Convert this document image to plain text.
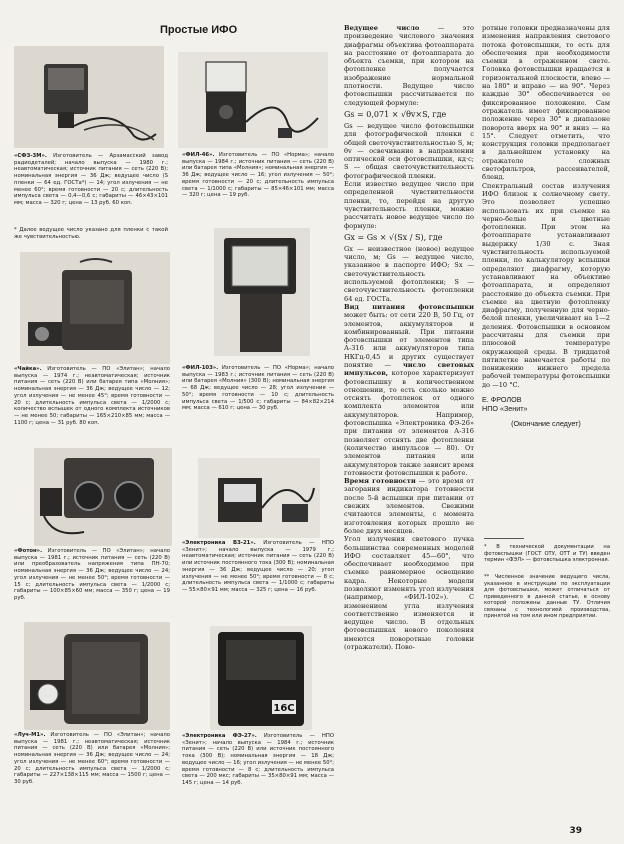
Простые ИФО
«СФЗ-3М». Изготовитель — Арзамасский завод радиодеталей; начало выпуска — 1980 г.; неавтоматическая; источник питания — сеть (220 В); номинальная энергия — 36 Дж; ведущее число (S пленки — 64 ед. ГОСТа*) — 14; угол излучения — не менее 60°; время готовности — 20 с; длительность импульса света — 0,4—0,6 с; габариты — 46×43×101 мм; масса — 320 г; цена — 13 руб. 60 коп.
* Далее ведущее число указано для пленки с такой же чувствительностью.
«ФИЛ-46». Изготовитель — ПО «Норма»; начало выпуска — 1984 г.; источник питания — сеть (220 В) или батарея типа «Молния»; номинальная энергия — 36 Дж; ведущее число — 16; угол излучения — 50°; время готовности — 20 с; длительность импульса света — 1/1000 с; габариты — 85×46×101 мм; масса — 320 г; цена — 19 руб.
«Чайка». Изготовитель — ПО «Элитан»; начало выпуска — 1974 г.; неавтоматическая; источник питания — сеть (220 В) или батарея типа «Молния»; номинальная энергия — 36 Дж; ведущее число — 12; угол излучения — не менее 45°; время готовности — 20 с; длительность импульса света — 1/2000 с; количество вспышек от одного комплекта источников — не менее 50; габариты — 165×210×85 мм; масса — 1100 г; цена — 31 руб. 80 коп.
«ФИЛ-103». Изготовитель — ПО «Норма»; начало выпуска — 1983 г.; источник питания — сеть (220 В) или батарея «Молния» (300 В); номинальная энергия — 68 Дж; ведущее число — 28; угол излучения — 50°; время готовности — 10 с; длительность импульса света — 1/500 с; габариты — 84×82×214 мм; масса — 610 г; цена — 30 руб.
«Фотон». Изготовитель — ПО «Элитан»; начало выпуска — 1981 г.; источник питания — сеть (220 В) или преобразователь напряжения типа ПН-70; номинальная энергия — 36 Дж; ведущее число — 24; угол излучения — не менее 50°; время готовности — 15 с; длительность импульса света — 1/2000 с; габариты — 100×85×60 мм; масса — 350 г; цена — 19 руб.
«Электроника ВЗ-21». Изготовитель — НПО «Зенит»; начало выпуска — 1979 г.; неавтоматическая; источник питания — сеть (220 В) или источник постоянного тока (300 В); номинальная энергия — 36 Дж; ведущее число — 20; угол излучения — не менее 50°; время готовности — 8 с; длительность импульса света — 1/1000 с; габариты — 55×80×91 мм; масса — 325 г; цена — 16 руб.
«Луч-М1». Изготовитель — ПО «Элитан»; начало выпуска — 1981 г.; неавтоматическая; источник питания — сеть (220 В) или батарея «Молния»; номинальная энергия — 36 Дж; ведущее число — 24; угол излучения — не менее 60°; время готовности — 20 с; длительность импульса света — 1/2000 с; габариты — 227×138×115 мм; масса — 1500 г; цена — 30 руб.
16C
«Электроника ФЭ-27». Изготовитель — НПО «Зенит»; начало выпуска — 1984 г.; источник питания — сеть (220 В) или источник постоянного тока (300 В); номинальная энергия — 18 Дж; ведущее число — 16; угол излучения — не менее 50°; время готовности — 8 с; длительность импульса света — 200 мкс; габариты — 35×80×91 мм; масса — 145 г; цена — 14 руб.

Ведущее число — это произведение числового значения диафрагмы объектива фотоаппарата на расстояние от фотоаппарата до объекта съемки, при котором на фотопленке получается изображение нормальной плотности. Ведущее число фотовспышки рассчитывается по следующей формуле:

Gs = 0,071 × √θv×S, где

Gs — ведущее число фотовспышки для фотографической пленки с общей светочувствительностью S, м; θv — освечивание в направлении оптической оси фотовспышки, кд·с; S — общая светочувствительность фотографической пленки.

Если известно ведущее число при определенной чувствительности пленки, то, перейдя на другую чувствительность пленки, можно рассчитать новое ведущее число по формуле:

Gx = Gs × √(Sx / S), где

Gx — неизвестное (новое) ведущее число, м; Gs — ведущее число, указанное в паспорте ИФО; Sx — светочувствительность используемой фотопленки; S — светочувствительность фотопленки 64 ед. ГОСТа.

Вид питания фотовспышки может быть: от сети 220 В, 50 Гц, от элементов, аккумуляторов и комбинированный. При питании фотовспышки от элементов типа А-316 или аккумуляторов типа НКГц-0,45 и других существует понятие — число световых импульсов, которое характеризует фотовспышку в количественном отношении, то есть сколько можно отснять фотопленок от одного комплекта элементов или аккумуляторов. Например, фотовспышка «Электроника ФЭ-26» при питании от элементов А-316 позволяет отснять две фотопленки (количество импульсов — 80). От элементов питания или аккумуляторов также зависит время готовности фотовспышки к работе.

Время готовности — это время от загорания индикатора готовности после 5-й вспышки при питании от свежих элементов. Свежими считаются элементы, с момента изготовления которых прошло не более двух месяцев.

Угол излучения светового пучка большинства современных моделей ИФО составляет 45—60°, что обеспечивает необходимое при съемке равномерное освещение кадра. Некоторые модели позволяют изменять угол излучения (например, «ФИЛ-102»). С изменением угла излучения соответственно изменяется и ведущее число. В отдельных фотовспышках нового поколения имеются поворотные головки (отражатели). Пово-

ротные головки предназначены для изменения направления светового потока фотовспышки, то есть для обеспечения при необходимости съемки в отраженном свете. Головка фотовспышки вращается в горизонтальной плоскости, влево — на 180° и вправо — на 90°. Через каждые 30° обеспечивается ее фиксированное положение. Сам отражатель имеет фиксированное положение через 30° в диапазоне поворота вверх на 90° и вниз — на 15°. Следует отметить, что конструкция головки предполагает в дальнейшем установку на отражателе сложных светофильтров, рассеивателей, бленд.

Спектральный состав излучения ИФО близок к солнечному свету. Это позволяет успешно использовать их при съемке на черно-белые и цветные фотопленки. При этом на фотоаппарате устанавливают выдержку 1/30 с. Зная чувствительность используемой пленки, по калькулятору вспышки определяют диафрагму, которую устанавливают на объективе фотоаппарата, и определяют расстояние до объекта съемки. При съемке на цветную фотопленку диафрагму, полученную для черно-белой пленки, увеличивают на 1—2 деления. Фотовспышки в основном рассчитаны для съемки при плюсовой температуре окружающей среды. В тридцатой пятилетке намечается работы по понижению нижнего предела рабочей температуры фотовспышки до —10 °С.

Е. ФРОЛОВ
НПО «Зенит»
(Окончание следует)
* В технической документации на фотовспышки (ГОСТ ОТУ, ОТТ и ТУ) введен термин «ФЭЛ» — фотовспышка электронная.
** Численное значение ведущего числа, указанное в инструкции по эксплуатации для фотовспышки, может отличаться от приведенного в данной статье, в основу которой положены данные ТУ. Отличия связаны с технологией производства, принятой на том или ином предприятии.
39
